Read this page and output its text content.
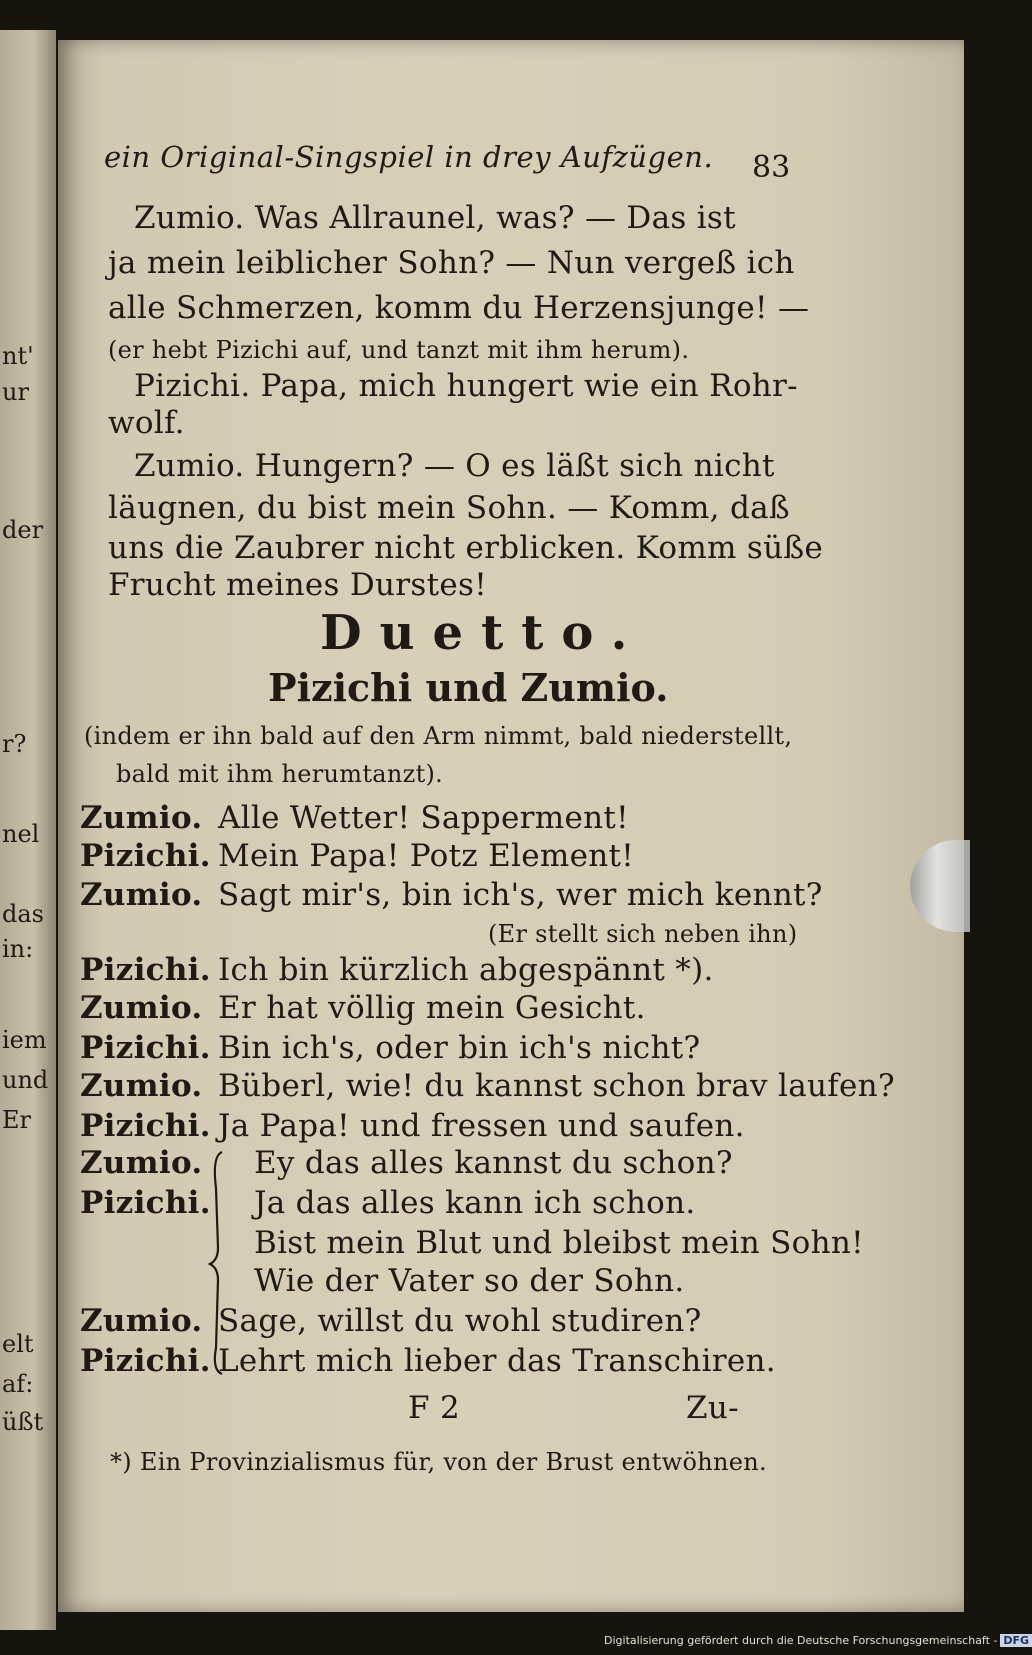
nt'
ur
der
r?
nel
das
in:
iem
und
Er
elt
af:
üßt
ein Original-Singspiel in drey Aufzügen.	83
Zumio. Was Allraunel, was? — Das ist
ja mein leiblicher Sohn? — Nun vergeß ich
alle Schmerzen, komm du Herzensjunge! —
(er hebt Pizichi auf, und tanzt mit ihm herum).
Pizichi. Papa, mich hungert wie ein Rohr-
wolf.
Zumio. Hungern? — O es läßt sich nicht
läugnen, du bist mein Sohn. — Komm, daß
uns die Zaubrer nicht erblicken. Komm süße
Frucht meines Durstes!
Duetto.
Pizichi und Zumio.
(indem er ihn bald auf den Arm nimmt, bald niederstellt,
bald mit ihm herumtanzt).
Zumio. Alle Wetter! Sapperment!
Pizichi. Mein Papa! Potz Element!
Zumio. Sagt mir's, bin ich's, wer mich kennt?
(Er stellt sich neben ihn)
Pizichi. Ich bin kürzlich abgespännt *).
Zumio. Er hat völlig mein Gesicht.
Pizichi. Bin ich's, oder bin ich's nicht?
Zumio. Büberl, wie! du kannst schon brav laufen?
Pizichi. Ja Papa! und fressen und saufen.
Zumio.
Pizichi.
Ey das alles kannst du schon?
Ja das alles kann ich schon.
Bist mein Blut und bleibst mein Sohn!
Wie der Vater so der Sohn.
Zumio. Sage, willst du wohl studiren?
Pizichi. Lehrt mich lieber das Transchiren.
F 2	Zu-
*) Ein Provinzialismus für, von der Brust entwöhnen.
Digitalisierung gefördert durch die Deutsche Forschungsgemeinschaft - DFG
